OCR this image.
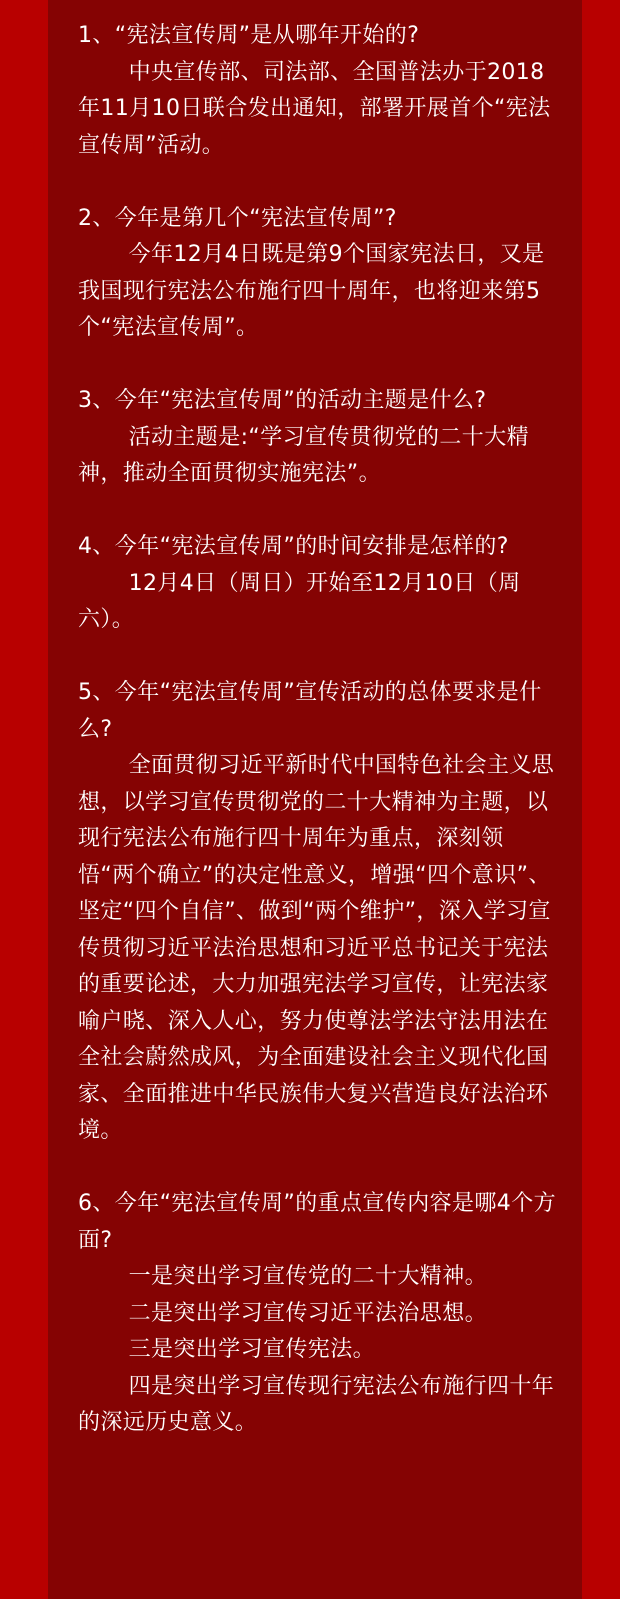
1、“宪法宣传周”是从哪年开始的?

中央宣传部、司法部、全国普法办于2018年11月10日联合发出通知，部署开展首个“宪法宣传周”活动。

2、今年是第几个“宪法宣传周”?

今年12月4日既是第9个国家宪法日，又是我国现行宪法公布施行四十周年，也将迎来第5个“宪法宣传周”。

3、今年“宪法宣传周”的活动主题是什么?

活动主题是:“学习宣传贯彻党的二十大精神，推动全面贯彻实施宪法”。

4、今年“宪法宣传周”的时间安排是怎样的?

12月4日（周日）开始至12月10日（周六）。

5、今年“宪法宣传周”宣传活动的总体要求是什么?

全面贯彻习近平新时代中国特色社会主义思想，以学习宣传贯彻党的二十大精神为主题，以现行宪法公布施行四十周年为重点，深刻领悟“两个确立”的决定性意义，增强“四个意识”、坚定“四个自信”、做到“两个维护”，深入学习宣传贯彻习近平法治思想和习近平总书记关于宪法的重要论述，大力加强宪法学习宣传，让宪法家喻户晓、深入人心，努力使尊法学法守法用法在全社会蔚然成风，为全面建设社会主义现代化国家、全面推进中华民族伟大复兴营造良好法治环境。

6、今年“宪法宣传周”的重点宣传内容是哪4个方面?

一是突出学习宣传党的二十大精神。

二是突出学习宣传习近平法治思想。

三是突出学习宣传宪法。

四是突出学习宣传现行宪法公布施行四十年的深远历史意义。
